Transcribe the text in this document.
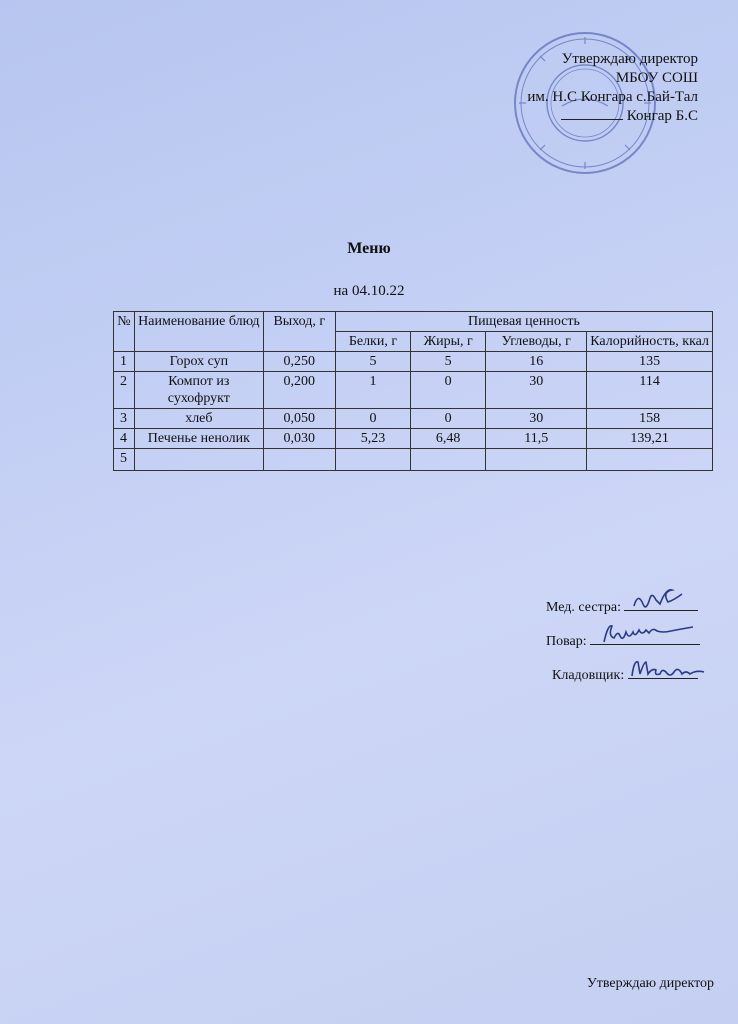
Утверждаю директор
МБОУ СОШ
им. Н.С Конгара с.Бай-Тал
Конгар Б.С
Меню
на 04.10.22
№	Наименование блюд	Выход, г	Пищевая ценность			
			Белки, г	Жиры, г	Углеводы, г	Калорийность, ккал
1	Горох суп	0,250	5	5	16	135
2	Компот из сухофрукт	0,200	1	0	30	114
3	хлеб	0,050	0	0	30	158
4	Печенье ненолик	0,030	5,23	6,48	11,5	139,21
5						
Мед. сестра:
Повар:
Кладовщик:
Утверждаю директор
